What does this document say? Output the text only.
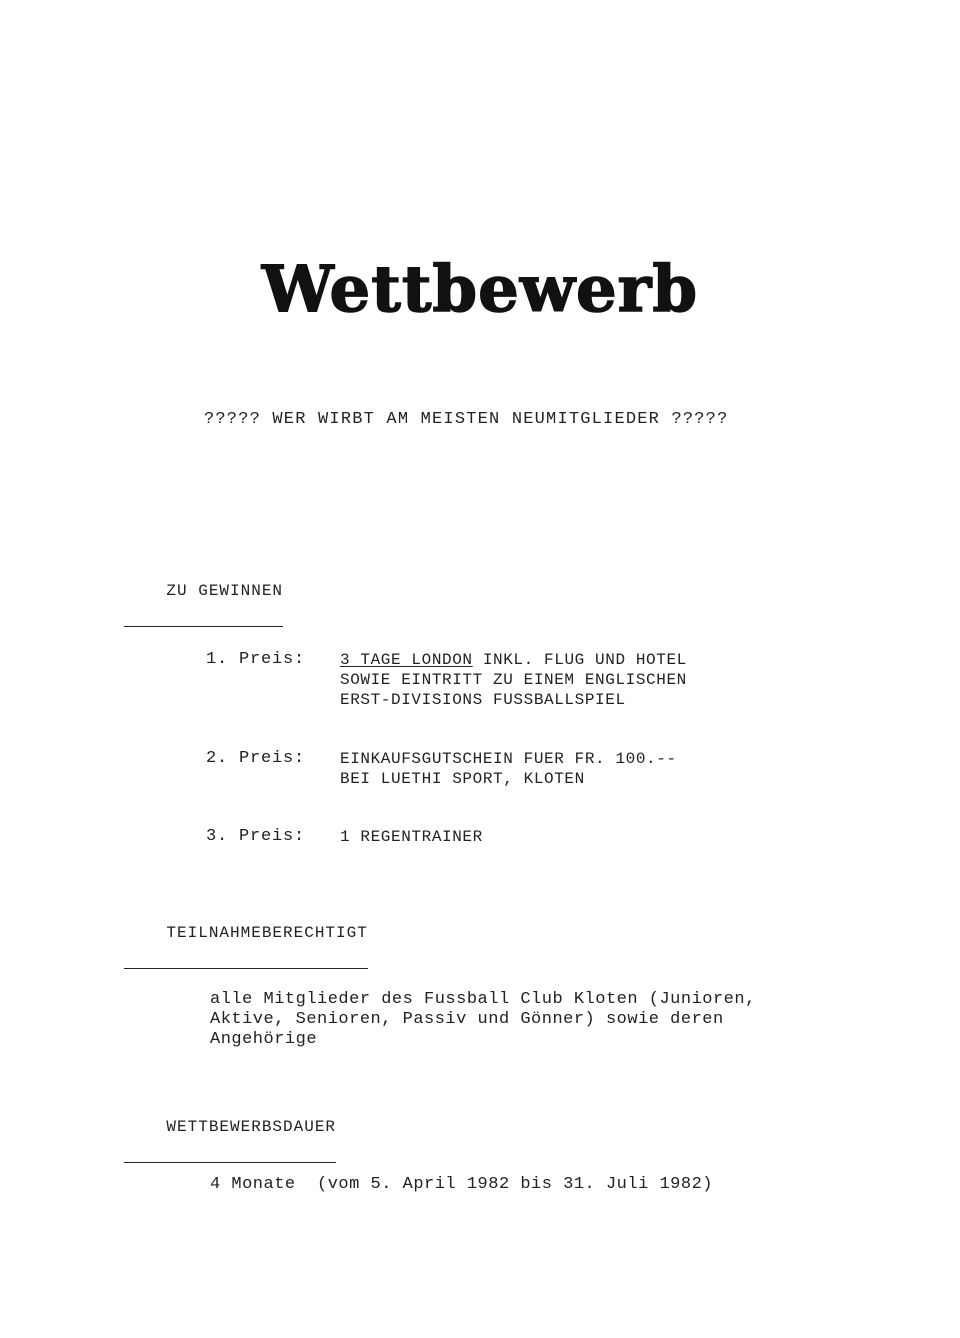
Wettbewerb
????? WER WIRBT AM MEISTEN NEUMITGLIEDER ?????

ZU GEWINNEN

1. Preis: 3 TAGE LONDON INKL. FLUG UND HOTEL
SOWIE EINTRITT ZU EINEM ENGLISCHEN
ERST-DIVISIONS FUSSBALLSPIEL
2. Preis: EINKAUFSGUTSCHEIN FUER FR. 100.--
BEI LUETHI SPORT, KLOTEN
3. Preis: 1 REGENTRAINER

TEILNAHMEBERECHTIGT

alle Mitglieder des Fussball Club Kloten (Junioren,
Aktive, Senioren, Passiv und Gönner) sowie deren
Angehörige

WETTBEWERBSDAUER

4 Monate  (vom 5. April 1982 bis 31. Juli 1982)
